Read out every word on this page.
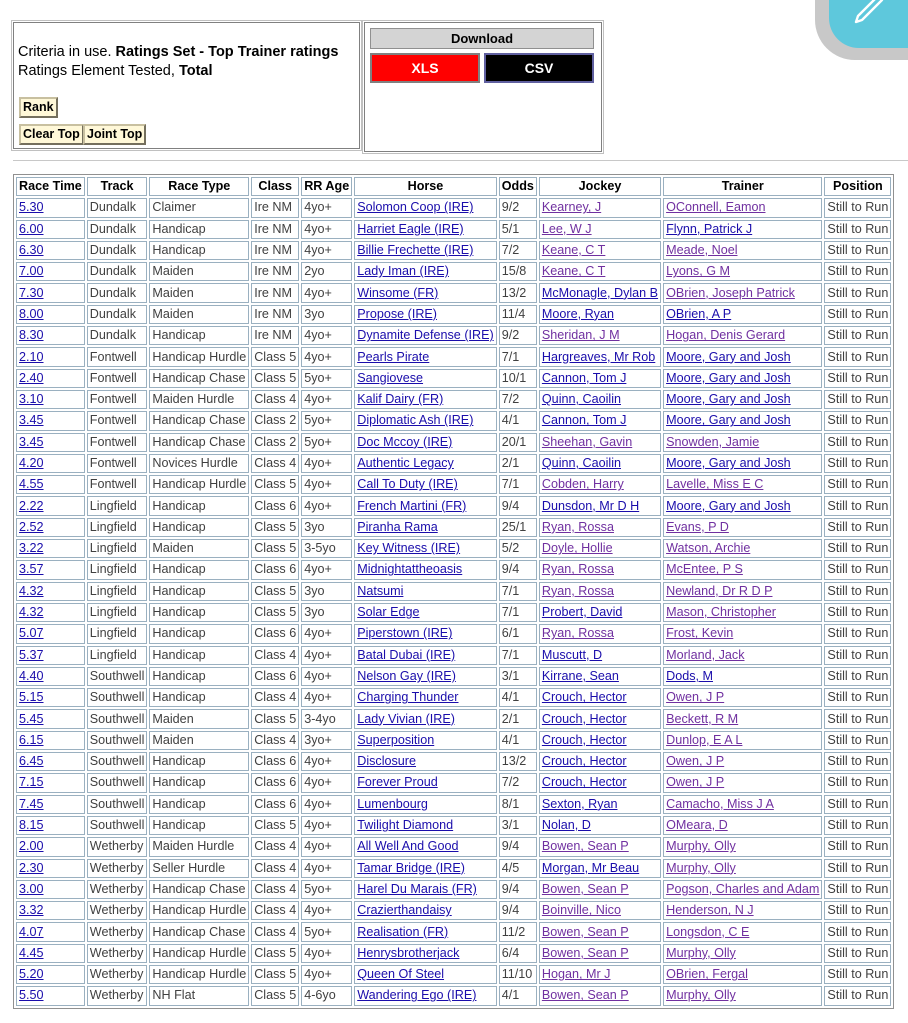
Criteria in use. Ratings Set - Top Trainer ratings
Ratings Element Tested, Total
Rank
Clear Top Joint Top
Download
XLS	CSV
Race Time	Track	Race Type	Class	RR Age	Horse	Odds	Jockey	Trainer	Position
5.30	Dundalk	Claimer	Ire NM	4yo+	Solomon Coop (IRE)	9/2	Kearney, J	OConnell, Eamon	Still to Run
6.00	Dundalk	Handicap	Ire NM	4yo+	Harriet Eagle (IRE)	5/1	Lee, W J	Flynn, Patrick J	Still to Run
6.30	Dundalk	Handicap	Ire NM	4yo+	Billie Frechette (IRE)	7/2	Keane, C T	Meade, Noel	Still to Run
7.00	Dundalk	Maiden	Ire NM	2yo	Lady Iman (IRE)	15/8	Keane, C T	Lyons, G M	Still to Run
7.30	Dundalk	Maiden	Ire NM	4yo+	Winsome (FR)	13/2	McMonagle, Dylan B	OBrien, Joseph Patrick	Still to Run
8.00	Dundalk	Maiden	Ire NM	3yo	Propose (IRE)	11/4	Moore, Ryan	OBrien, A P	Still to Run
8.30	Dundalk	Handicap	Ire NM	4yo+	Dynamite Defense (IRE)	9/2	Sheridan, J M	Hogan, Denis Gerard	Still to Run
2.10	Fontwell	Handicap Hurdle	Class 5	4yo+	Pearls Pirate	7/1	Hargreaves, Mr Rob	Moore, Gary and Josh	Still to Run
2.40	Fontwell	Handicap Chase	Class 5	5yo+	Sangiovese	10/1	Cannon, Tom J	Moore, Gary and Josh	Still to Run
3.10	Fontwell	Maiden Hurdle	Class 4	4yo+	Kalif Dairy (FR)	7/2	Quinn, Caoilin	Moore, Gary and Josh	Still to Run
3.45	Fontwell	Handicap Chase	Class 2	5yo+	Diplomatic Ash (IRE)	4/1	Cannon, Tom J	Moore, Gary and Josh	Still to Run
3.45	Fontwell	Handicap Chase	Class 2	5yo+	Doc Mccoy (IRE)	20/1	Sheehan, Gavin	Snowden, Jamie	Still to Run
4.20	Fontwell	Novices Hurdle	Class 4	4yo+	Authentic Legacy	2/1	Quinn, Caoilin	Moore, Gary and Josh	Still to Run
4.55	Fontwell	Handicap Hurdle	Class 5	4yo+	Call To Duty (IRE)	7/1	Cobden, Harry	Lavelle, Miss E C	Still to Run
2.22	Lingfield	Handicap	Class 6	4yo+	French Martini (FR)	9/4	Dunsdon, Mr D H	Moore, Gary and Josh	Still to Run
2.52	Lingfield	Handicap	Class 5	3yo	Piranha Rama	25/1	Ryan, Rossa	Evans, P D	Still to Run
3.22	Lingfield	Maiden	Class 5	3-5yo	Key Witness (IRE)	5/2	Doyle, Hollie	Watson, Archie	Still to Run
3.57	Lingfield	Handicap	Class 6	4yo+	Midnightattheoasis	9/4	Ryan, Rossa	McEntee, P S	Still to Run
4.32	Lingfield	Handicap	Class 5	3yo	Natsumi	7/1	Ryan, Rossa	Newland, Dr R D P	Still to Run
4.32	Lingfield	Handicap	Class 5	3yo	Solar Edge	7/1	Probert, David	Mason, Christopher	Still to Run
5.07	Lingfield	Handicap	Class 6	4yo+	Piperstown (IRE)	6/1	Ryan, Rossa	Frost, Kevin	Still to Run
5.37	Lingfield	Handicap	Class 4	4yo+	Batal Dubai (IRE)	7/1	Muscutt, D	Morland, Jack	Still to Run
4.40	Southwell	Handicap	Class 6	4yo+	Nelson Gay (IRE)	3/1	Kirrane, Sean	Dods, M	Still to Run
5.15	Southwell	Handicap	Class 4	4yo+	Charging Thunder	4/1	Crouch, Hector	Owen, J P	Still to Run
5.45	Southwell	Maiden	Class 5	3-4yo	Lady Vivian (IRE)	2/1	Crouch, Hector	Beckett, R M	Still to Run
6.15	Southwell	Maiden	Class 4	3yo+	Superposition	4/1	Crouch, Hector	Dunlop, E A L	Still to Run
6.45	Southwell	Handicap	Class 6	4yo+	Disclosure	13/2	Crouch, Hector	Owen, J P	Still to Run
7.15	Southwell	Handicap	Class 6	4yo+	Forever Proud	7/2	Crouch, Hector	Owen, J P	Still to Run
7.45	Southwell	Handicap	Class 6	4yo+	Lumenbourg	8/1	Sexton, Ryan	Camacho, Miss J A	Still to Run
8.15	Southwell	Handicap	Class 5	4yo+	Twilight Diamond	3/1	Nolan, D	OMeara, D	Still to Run
2.00	Wetherby	Maiden Hurdle	Class 4	4yo+	All Well And Good	9/4	Bowen, Sean P	Murphy, Olly	Still to Run
2.30	Wetherby	Seller Hurdle	Class 4	4yo+	Tamar Bridge (IRE)	4/5	Morgan, Mr Beau	Murphy, Olly	Still to Run
3.00	Wetherby	Handicap Chase	Class 4	5yo+	Harel Du Marais (FR)	9/4	Bowen, Sean P	Pogson, Charles and Adam	Still to Run
3.32	Wetherby	Handicap Hurdle	Class 4	4yo+	Crazierthandaisy	9/4	Boinville, Nico	Henderson, N J	Still to Run
4.07	Wetherby	Handicap Chase	Class 4	5yo+	Realisation (FR)	11/2	Bowen, Sean P	Longsdon, C E	Still to Run
4.45	Wetherby	Handicap Hurdle	Class 5	4yo+	Henrysbrotherjack	6/4	Bowen, Sean P	Murphy, Olly	Still to Run
5.20	Wetherby	Handicap Hurdle	Class 5	4yo+	Queen Of Steel	11/10	Hogan, Mr J	OBrien, Fergal	Still to Run
5.50	Wetherby	NH Flat	Class 5	4-6yo	Wandering Ego (IRE)	4/1	Bowen, Sean P	Murphy, Olly	Still to Run
